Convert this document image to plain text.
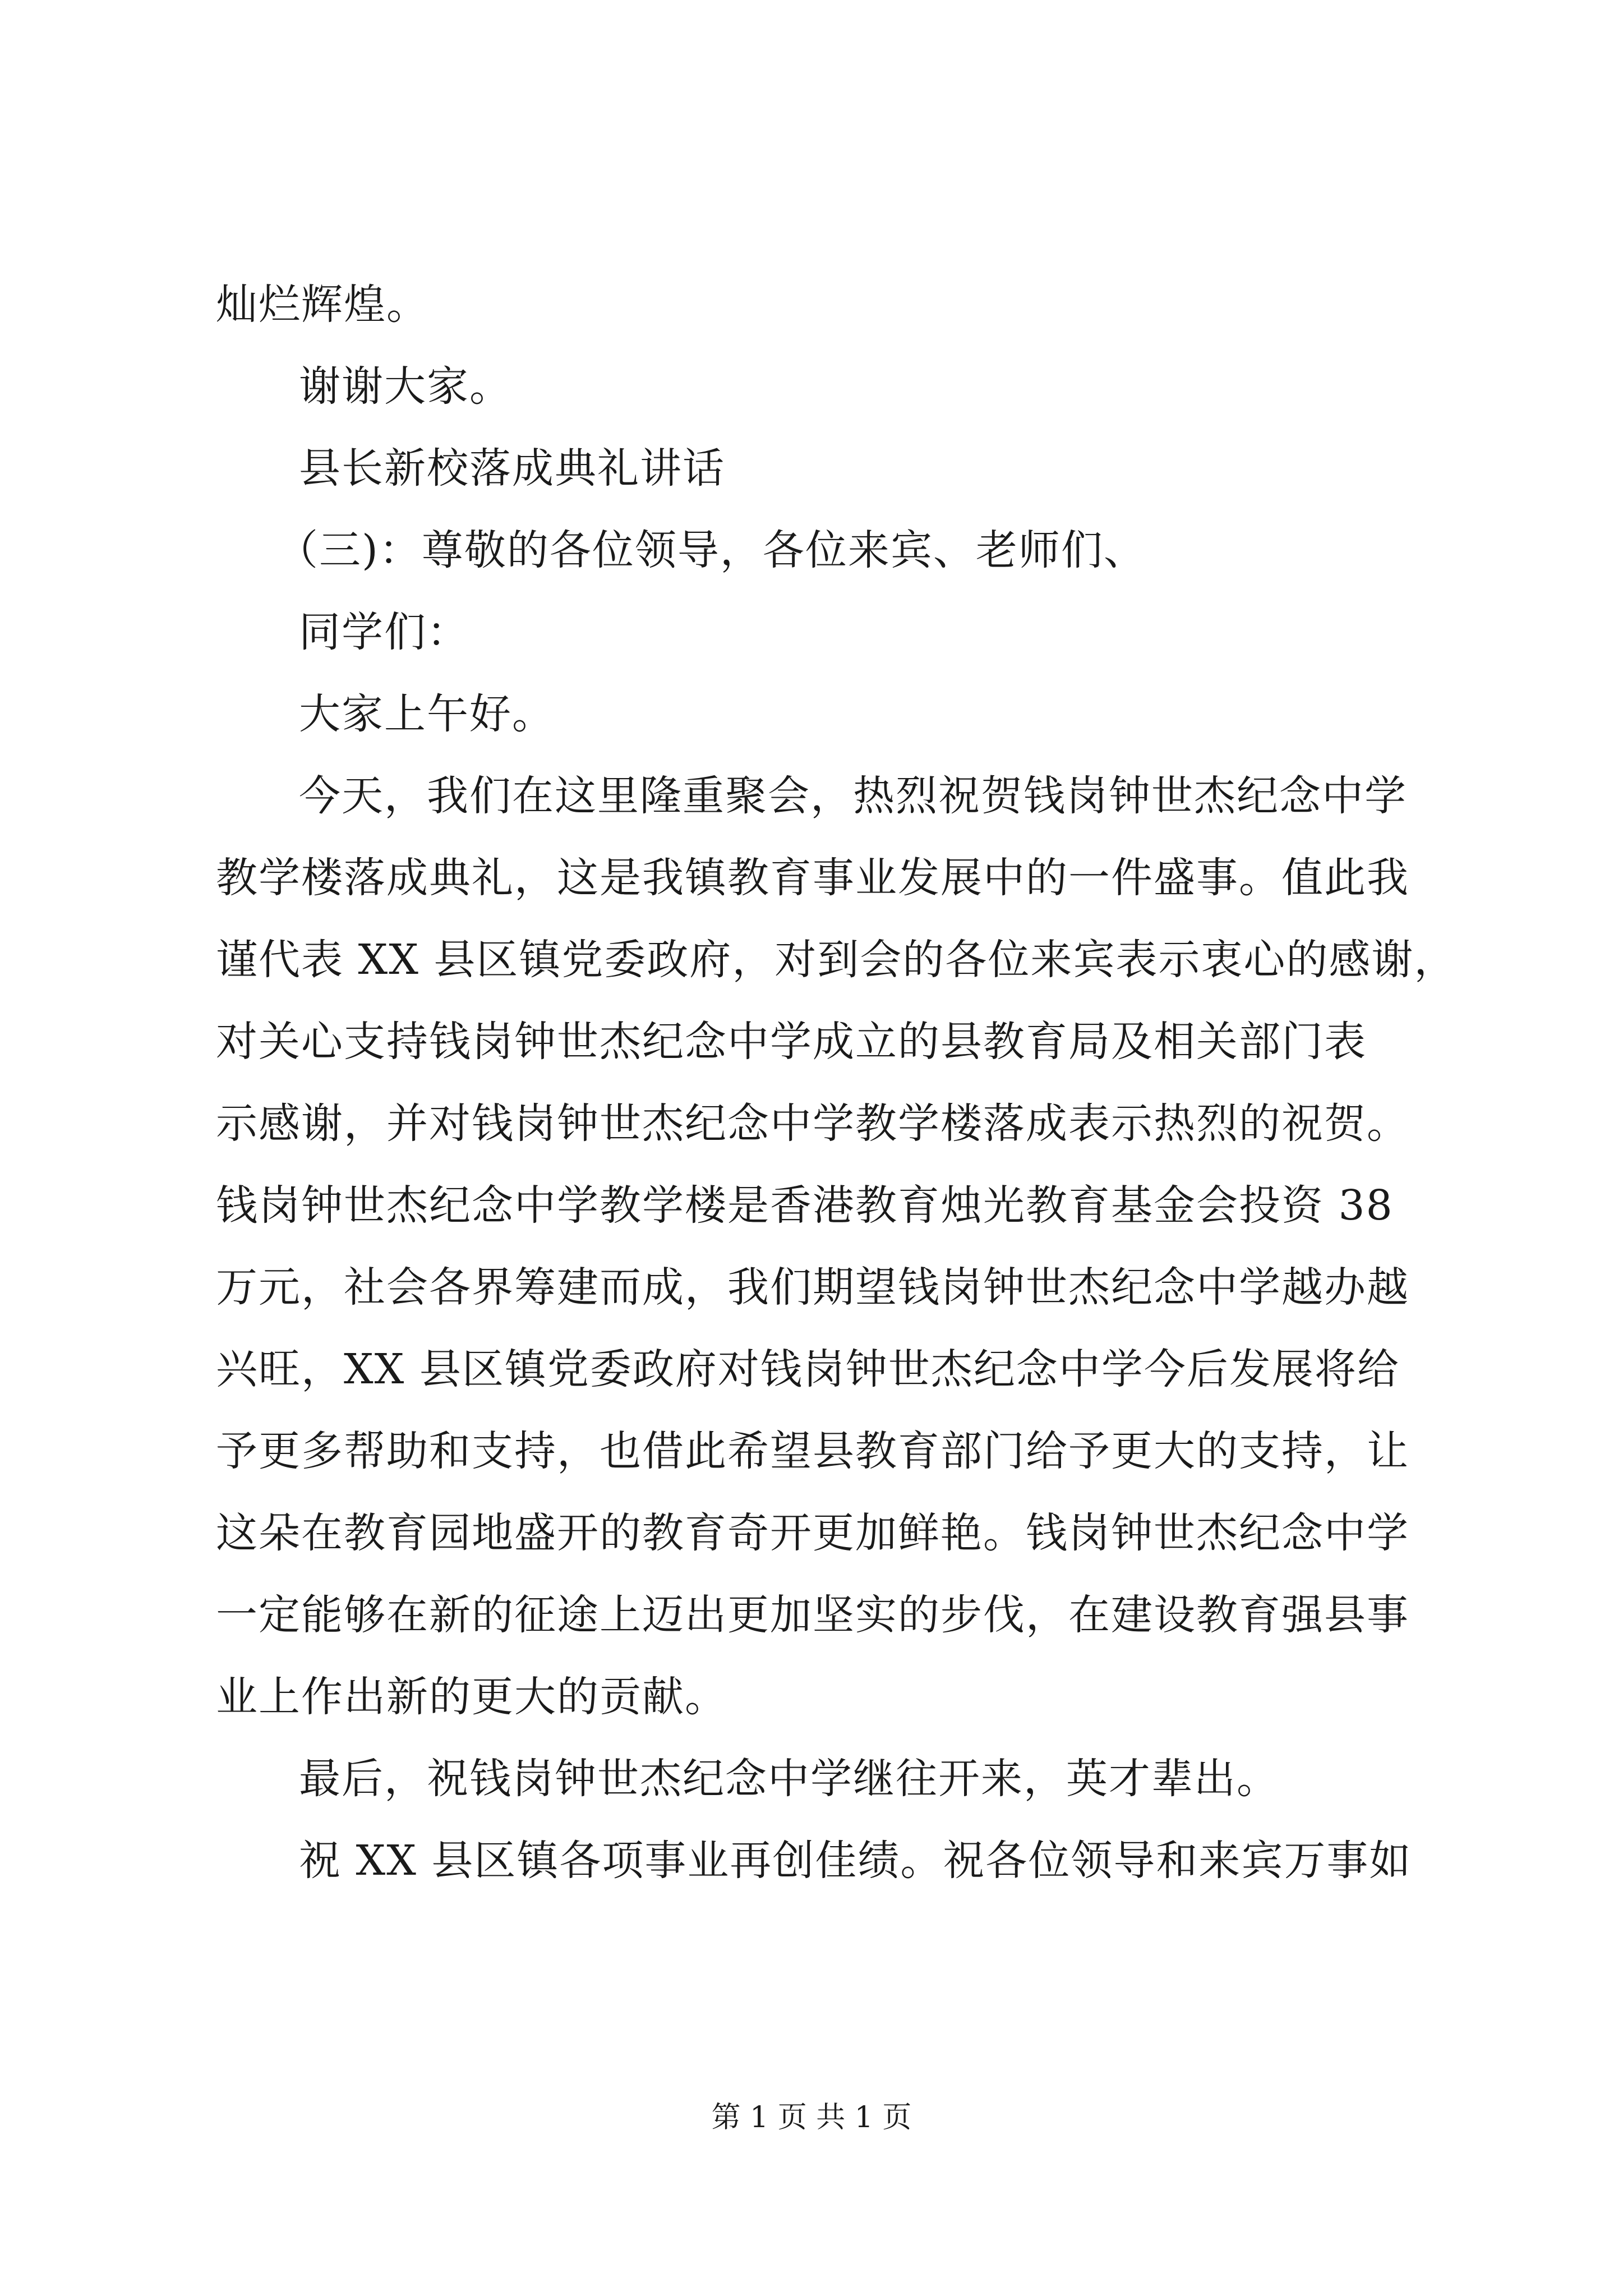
灿烂辉煌。
谢谢大家。
县长新校落成典礼讲话
（三)：尊敬的各位领导，各位来宾、老师们、
同学们：
大家上午好。
今天，我们在这里隆重聚会，热烈祝贺钱岗钟世杰纪念中学
教学楼落成典礼，这是我镇教育事业发展中的一件盛事。值此我
谨代表 XX 县区镇党委政府，对到会的各位来宾表示衷心的感谢，
对关心支持钱岗钟世杰纪念中学成立的县教育局及相关部门表
示感谢，并对钱岗钟世杰纪念中学教学楼落成表示热烈的祝贺。
钱岗钟世杰纪念中学教学楼是香港教育烛光教育基金会投资 38
万元，社会各界筹建而成，我们期望钱岗钟世杰纪念中学越办越
兴旺，XX 县区镇党委政府对钱岗钟世杰纪念中学今后发展将给
予更多帮助和支持，也借此希望县教育部门给予更大的支持，让
这朵在教育园地盛开的教育奇开更加鲜艳。钱岗钟世杰纪念中学
一定能够在新的征途上迈出更加坚实的步伐，在建设教育强县事
业上作出新的更大的贡献。
最后，祝钱岗钟世杰纪念中学继往开来，英才辈出。
祝 XX 县区镇各项事业再创佳绩。祝各位领导和来宾万事如
第 1 页 共 1 页
